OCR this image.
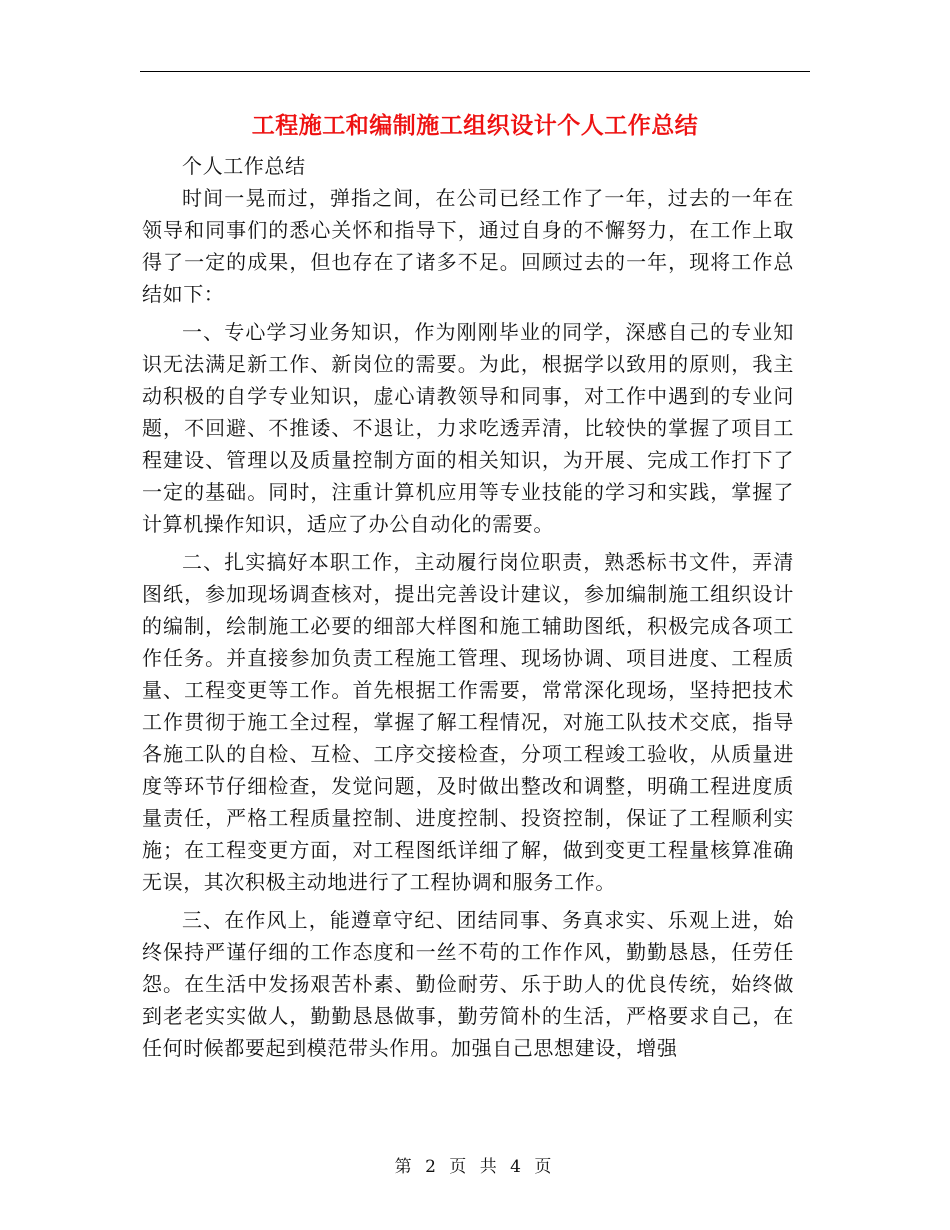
工程施工和编制施工组织设计个人工作总结

个人工作总结

时间一晃而过，弹指之间，在公司已经工作了一年，过去的一年在领导和同事们的悉心关怀和指导下，通过自身的不懈努力，在工作上取得了一定的成果，但也存在了诸多不足。回顾过去的一年，现将工作总结如下：

一、专心学习业务知识，作为刚刚毕业的同学，深感自己的专业知识无法满足新工作、新岗位的需要。为此，根据学以致用的原则，我主动积极的自学专业知识，虚心请教领导和同事，对工作中遇到的专业问题，不回避、不推诿、不退让，力求吃透弄清，比较快的掌握了项目工程建设、管理以及质量控制方面的相关知识，为开展、完成工作打下了一定的基础。同时，注重计算机应用等专业技能的学习和实践，掌握了计算机操作知识，适应了办公自动化的需要。

二、扎实搞好本职工作，主动履行岗位职责，熟悉标书文件，弄清图纸，参加现场调查核对，提出完善设计建议，参加编制施工组织设计的编制，绘制施工必要的细部大样图和施工辅助图纸，积极完成各项工作任务。并直接参加负责工程施工管理、现场协调、项目进度、工程质量、工程变更等工作。首先根据工作需要，常常深化现场，坚持把技术工作贯彻于施工全过程，掌握了解工程情况，对施工队技术交底，指导各施工队的自检、互检、工序交接检查，分项工程竣工验收，从质量进度等环节仔细检查，发觉问题，及时做出整改和调整，明确工程进度质量责任，严格工程质量控制、进度控制、投资控制，保证了工程顺利实施；在工程变更方面，对工程图纸详细了解，做到变更工程量核算准确无误，其次积极主动地进行了工程协调和服务工作。

三、在作风上，能遵章守纪、团结同事、务真求实、乐观上进，始终保持严谨仔细的工作态度和一丝不苟的工作作风，勤勤恳恳，任劳任怨。在生活中发扬艰苦朴素、勤俭耐劳、乐于助人的优良传统，始终做到老老实实做人，勤勤恳恳做事，勤劳简朴的生活，严格要求自己，在任何时候都要起到模范带头作用。加强自己思想建设，增强

第 2 页 共 4 页
